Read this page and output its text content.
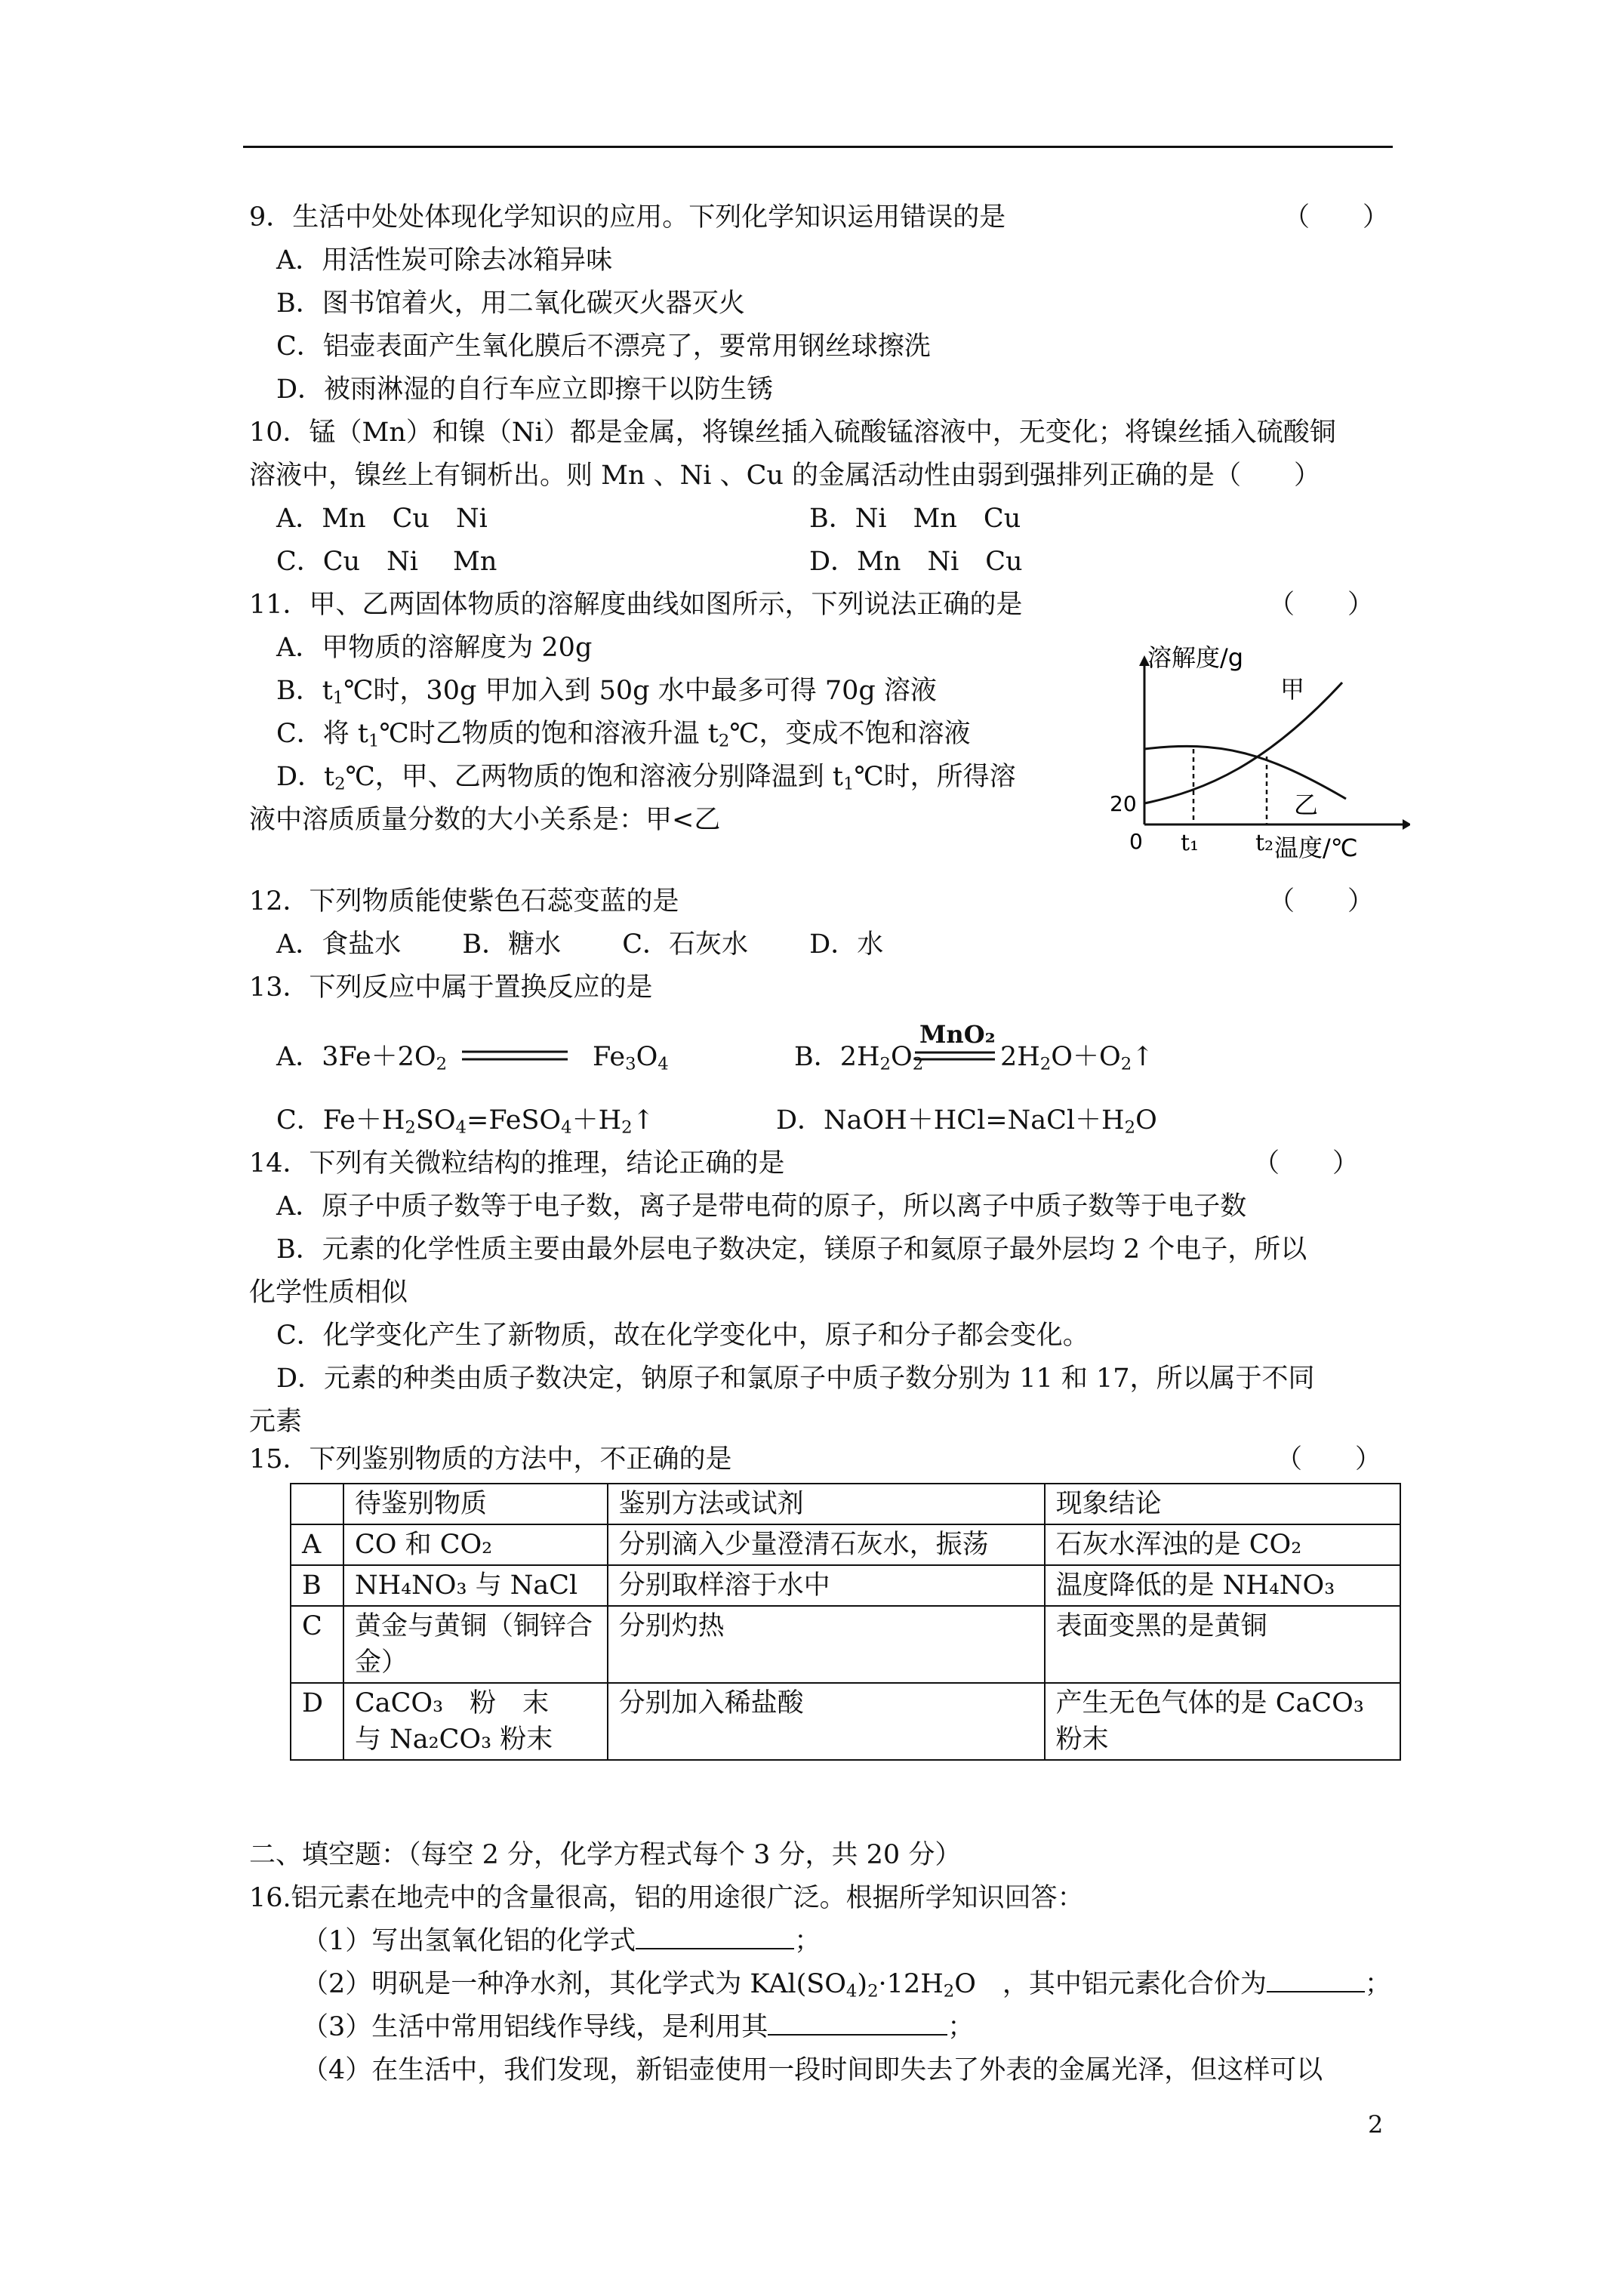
9．生活中处处体现化学知识的应用。下列化学知识运用错误的是	（　　）
A．用活性炭可除去冰箱异味
B．图书馆着火，用二氧化碳灭火器灭火
C．铝壶表面产生氧化膜后不漂亮了，要常用钢丝球擦洗
D．被雨淋湿的自行车应立即擦干以防生锈
10．锰（Mn）和镍（Ni）都是金属，将镍丝插入硫酸锰溶液中，无变化；将镍丝插入硫酸铜
溶液中，镍丝上有铜析出。则 Mn 、Ni 、Cu 的金属活动性由弱到强排列正确的是（　　）
A．Mn　Cu　Ni	B．Ni　Mn　Cu
C．Cu　Ni　 Mn	D．Mn　Ni　Cu
11．甲、乙两固体物质的溶解度曲线如图所示，下列说法正确的是	（　　）
A．甲物质的溶解度为 20g
B．$t_1℃$时，30g 甲加入到 50g 水中最多可得 70g 溶液
C．将 $t_1℃$时乙物质的饱和溶液升温 $t_2℃$，变成不饱和溶液
D．$t_2℃$，甲、乙两物质的饱和溶液分别降温到 $t_1℃$时，所得溶
液中溶质质量分数的大小关系是：甲<乙
溶解度/g
温度/℃
0
20
t₁ t₂
甲
乙
12．下列物质能使紫色石蕊变蓝的是	（　　）
A．食盐水　　 B．糖水　　 C．石灰水　　 D．水
13．下列反应中属于置换反应的是
A．$3Fe+2O_2$	$Fe_3O_4$	B．$2H_2O_2$
MnO₂
$2H_2O+O_2↑$
C．$Fe+H_2SO_4=FeSO_4+H_2↑$	D．$NaOH+HCl=NaCl+H_2O$
14．下列有关微粒结构的推理，结论正确的是	（　　）
A．原子中质子数等于电子数，离子是带电荷的原子，所以离子中质子数等于电子数
B．元素的化学性质主要由最外层电子数决定，镁原子和氦原子最外层均 2 个电子，所以
化学性质相似
C．化学变化产生了新物质，故在化学变化中，原子和分子都会变化。
D．元素的种类由质子数决定，钠原子和氯原子中质子数分别为 11 和 17，所以属于不同
元素
15．下列鉴别物质的方法中，不正确的是	（　　）
	待鉴别物质	鉴别方法或试剂	现象结论
A	CO 和 CO₂	分别滴入少量澄清石灰水，振荡	石灰水浑浊的是 CO₂
B	NH₄NO₃ 与 NaCl	分别取样溶于水中	温度降低的是 NH₄NO₃
C	黄金与黄铜（铜锌合金）	分别灼热	表面变黑的是黄铜
D	CaCO₃　粉　末　与 Na₂CO₃ 粉末	分别加入稀盐酸	产生无色气体的是 CaCO₃ 粉末
二、填空题：（每空 2 分，化学方程式每个 3 分，共 20 分）
16.铝元素在地壳中的含量很高，铝的用途很广泛。根据所学知识回答：
（1）写出氢氧化铝的化学式	；
（2）明矾是一种净水剂，其化学式为 $KAl(SO_4)_2\cdot 12H_2O$　，其中铝元素化合价为	；
（3）生活中常用铝线作导线，是利用其	；
（4）在生活中，我们发现，新铝壶使用一段时间即失去了外表的金属光泽，但这样可以
2
